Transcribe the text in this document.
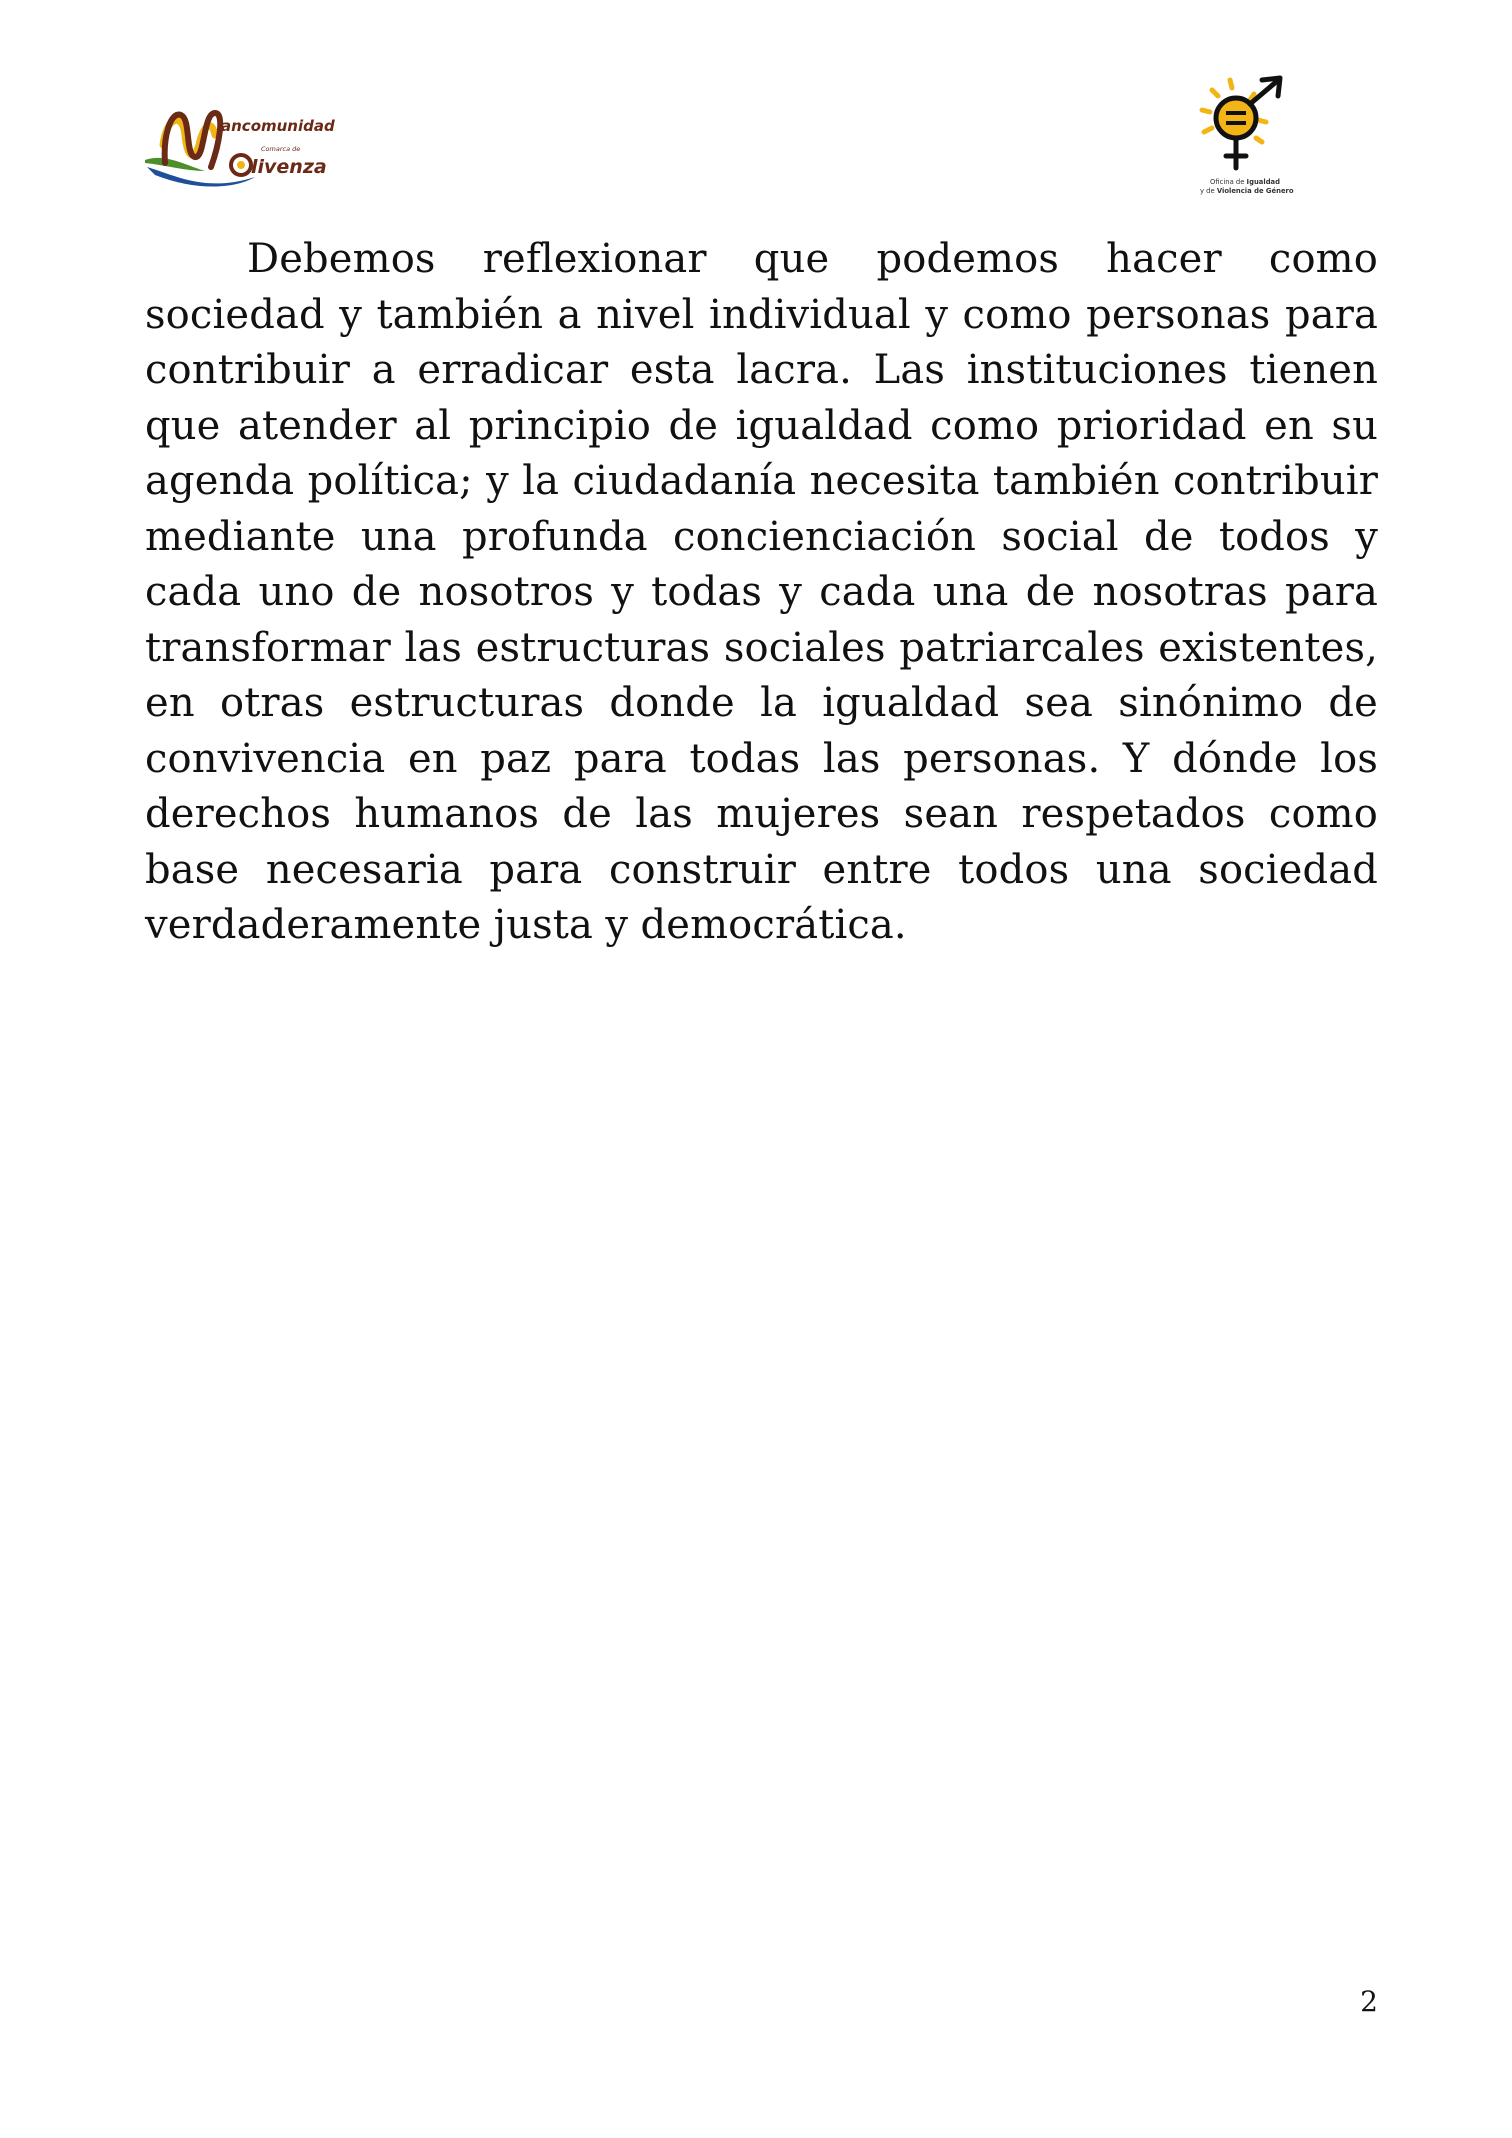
ancomunidad
Comarca de
livenza
Oficina de Igualdad
y de Violencia de Género

Debemos reflexionar que podemos hacer como sociedad y también a nivel individual y como personas para contribuir a erradicar esta lacra. Las instituciones tienen que atender al principio de igualdad como prioridad en su agenda política; y la ciudadanía necesita también contribuir mediante una profunda concienciación social de todos y cada uno de nosotros y todas y cada una de nosotras para transformar las estructuras sociales patriarcales existentes, en otras estructuras donde la igualdad sea sinónimo de convivencia en paz para todas las personas. Y dónde los derechos humanos de las mujeres sean respetados como base necesaria para construir entre todos una sociedad verdaderamente justa y democrática.

2
